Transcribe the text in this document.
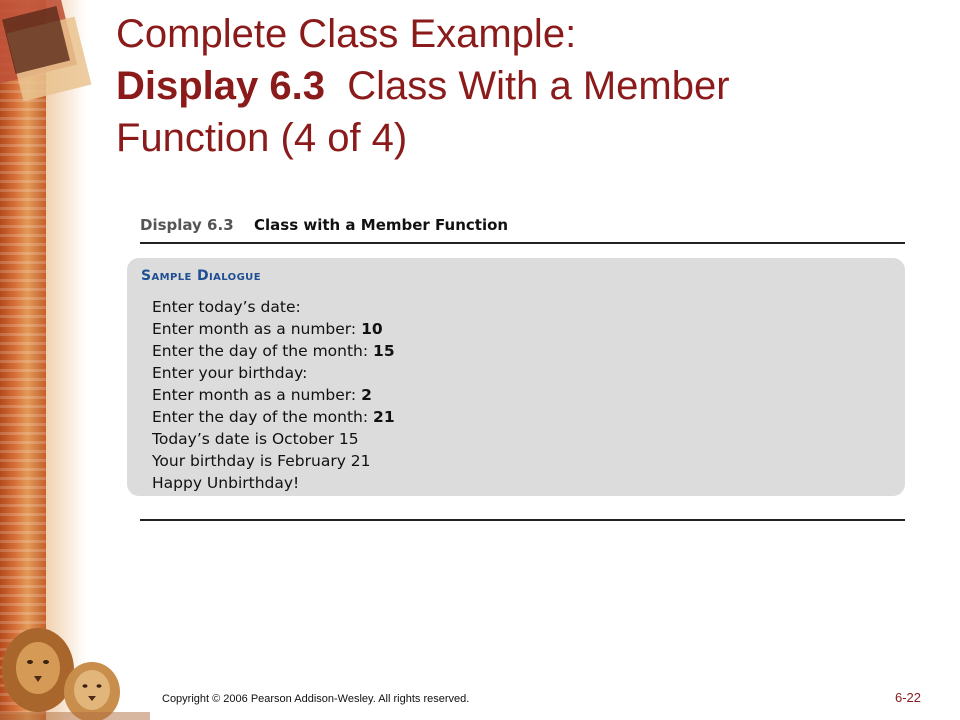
Complete Class Example:
Display 6.3  Class With a Member
Function (4 of 4)
Display 6.3 Class with a Member Function
Sample Dialogue
Enter today’s date:
Enter month as a number: 10
Enter the day of the month: 15
Enter your birthday:
Enter month as a number: 2
Enter the day of the month: 21
Today’s date is October 15
Your birthday is February 21
Happy Unbirthday!
Copyright © 2006 Pearson Addison-Wesley. All rights reserved.	6-22
